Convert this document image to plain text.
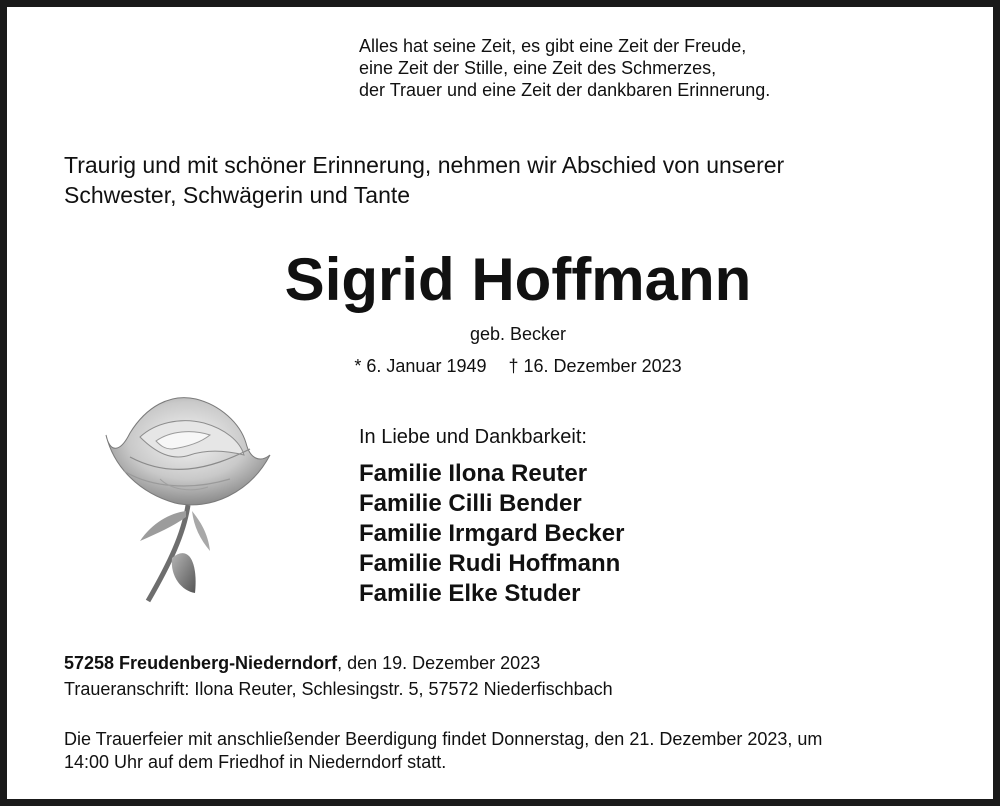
Alles hat seine Zeit, es gibt eine Zeit der Freude,
eine Zeit der Stille, eine Zeit des Schmerzes,
der Trauer und eine Zeit der dankbaren Erinnerung.
Traurig und mit schöner Erinnerung, nehmen wir Abschied von unserer
Schwester, Schwägerin und Tante
Sigrid Hoffmann
geb. Becker
* 6. Januar 1949 † 16. Dezember 2023
In Liebe und Dankbarkeit:
Familie Ilona Reuter
Familie Cilli Bender
Familie Irmgard Becker
Familie Rudi Hoffmann
Familie Elke Studer
57258 Freudenberg-Niederndorf, den 19. Dezember 2023
Traueranschrift: Ilona Reuter, Schlesingstr. 5, 57572 Niederfischbach
Die Trauerfeier mit anschließender Beerdigung findet Donnerstag, den 21. Dezember 2023, um
14:00 Uhr auf dem Friedhof in Niederndorf statt.
